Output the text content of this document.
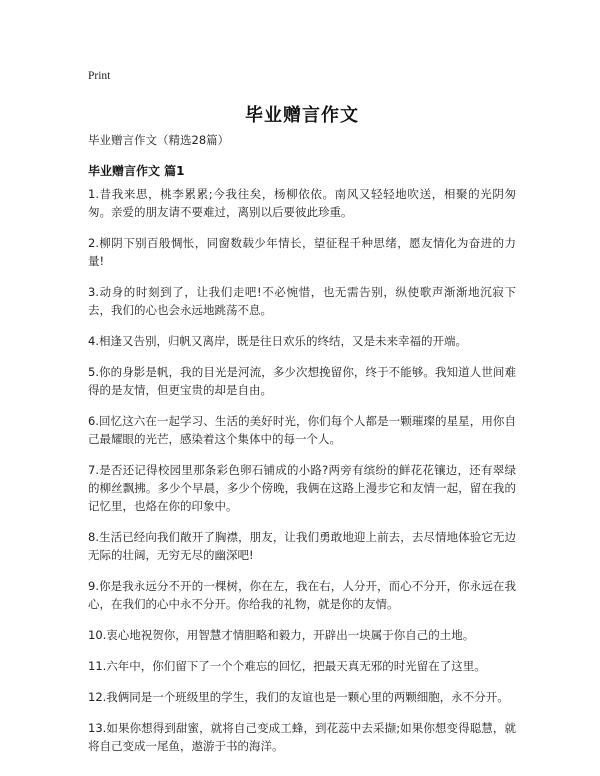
Print
毕业赠言作文
毕业赠言作文（精选28篇）
毕业赠言作文 篇1

1.昔我来思，桃李累累;今我往矣，杨柳依依。南风又轻轻地吹送，相聚的光阴匆匆。亲爱的朋友请不要难过，离别以后要彼此珍重。

2.柳阴下别百般惆怅，同窗数载少年情长，望征程千种思绪，愿友情化为奋进的力量!

3.动身的时刻到了，让我们走吧!不必惋惜，也无需告别，纵使歌声渐渐地沉寂下去，我们的心也会永远地跳荡不息。

4.相逢又告别，归帆又离岸，既是往日欢乐的终结，又是未来幸福的开端。

5.你的身影是帆，我的目光是河流，多少次想挽留你，终于不能够。我知道人世间难得的是友情，但更宝贵的却是自由。

6.回忆这六在一起学习、生活的美好时光，你们每个人都是一颗璀璨的星星，用你自己最耀眼的光芒，感染着这个集体中的每一个人。

7.是否还记得校园里那条彩色卵石铺成的小路?两旁有缤纷的鲜花花镶边，还有翠绿的柳丝飘拂。多少个早晨，多少个傍晚，我俩在这路上漫步它和友情一起，留在我的记忆里，也烙在你的印象中。

8.生活已经向我们敞开了胸襟，朋友，让我们勇敢地迎上前去，去尽情地体验它无边无际的壮阔，无穷无尽的幽深吧!

9.你是我永远分不开的一棵树，你在左，我在右，人分开，而心不分开，你永远在我心，在我们的心中永不分开。你给我的礼物，就是你的友情。

10.衷心地祝贺你，用智慧才情胆略和毅力，开辟出一块属于你自己的土地。

11.六年中，你们留下了一个个难忘的回忆，把最天真无邪的时光留在了这里。

12.我俩同是一个班级里的学生，我们的友谊也是一颗心里的两颗细胞，永不分开。

13.如果你想得到甜蜜，就将自己变成工蜂，到花蕊中去采撷;如果你想变得聪慧，就将自己变成一尾鱼，遨游于书的海洋。
